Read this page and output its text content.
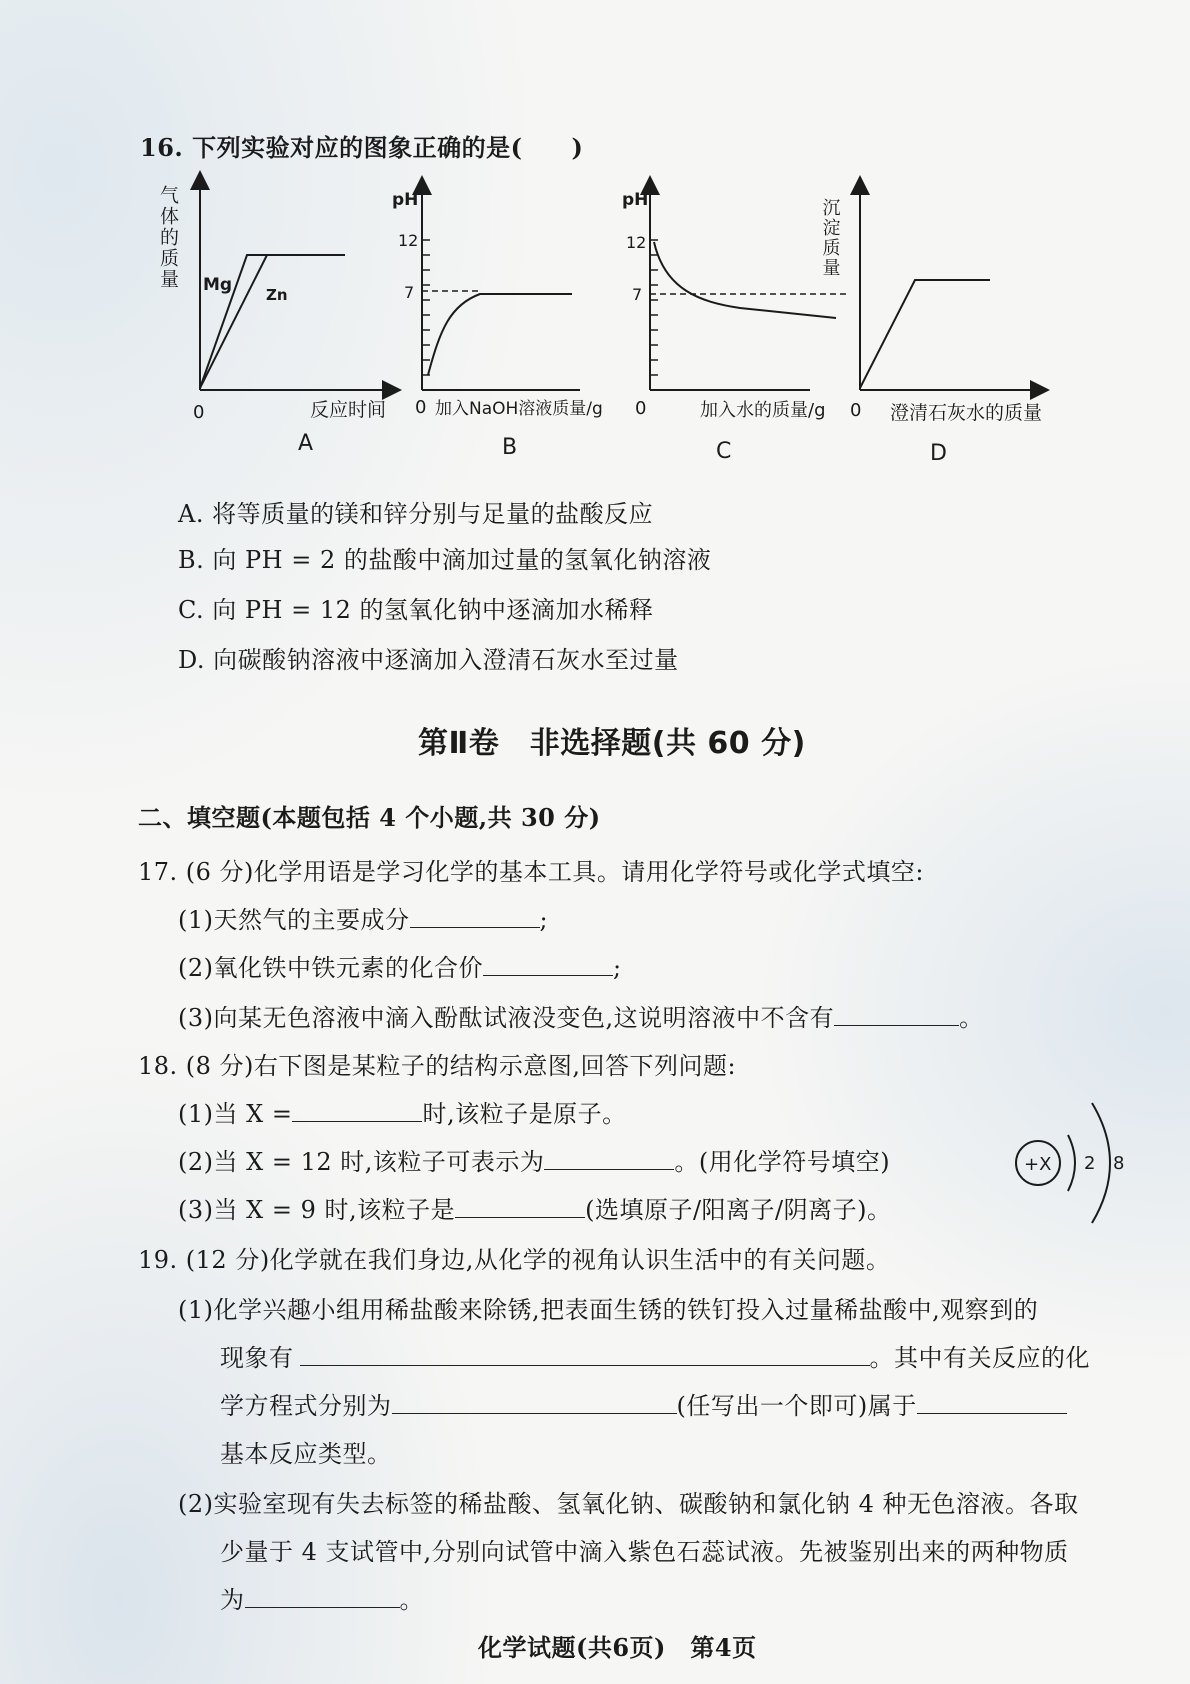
16. 下列实验对应的图象正确的是(　　)
气体的质量
0	反应时间
Mg Zn
A
pH
12
7
0 加入NaOH溶液质量/g
B
pH
12
7
0	加入水的质量/g
C
沉淀质量
0 澄清石灰水的质量
D
A. 将等质量的镁和锌分别与足量的盐酸反应
B. 向 PH = 2 的盐酸中滴加过量的氢氧化钠溶液
C. 向 PH = 12 的氢氧化钠中逐滴加水稀释
D. 向碳酸钠溶液中逐滴加入澄清石灰水至过量
第Ⅱ卷　非选择题(共 60 分)
二、填空题(本题包括 4 个小题,共 30 分)
17. (6 分)化学用语是学习化学的基本工具。请用化学符号或化学式填空:
(1)天然气的主要成分	;
(2)氧化铁中铁元素的化合价	;
(3)向某无色溶液中滴入酚酞试液没变色,这说明溶液中不含有	。
18. (8 分)右下图是某粒子的结构示意图,回答下列问题:
(1)当 X =	时,该粒子是原子。
(2)当 X = 12 时,该粒子可表示为	。(用化学符号填空)
(3)当 X = 9 时,该粒子是	(选填原子/阳离子/阴离子)。
+X 2 8
19. (12 分)化学就在我们身边,从化学的视角认识生活中的有关问题。
(1)化学兴趣小组用稀盐酸来除锈,把表面生锈的铁钉投入过量稀盐酸中,观察到的
现象有	。其中有关反应的化
学方程式分别为	(任写出一个即可)属于
基本反应类型。
(2)实验室现有失去标签的稀盐酸、氢氧化钠、碳酸钠和氯化钠 4 种无色溶液。各取
少量于 4 支试管中,分别向试管中滴入紫色石蕊试液。先被鉴别出来的两种物质
为	。
化学试题(共6页)　第4页
